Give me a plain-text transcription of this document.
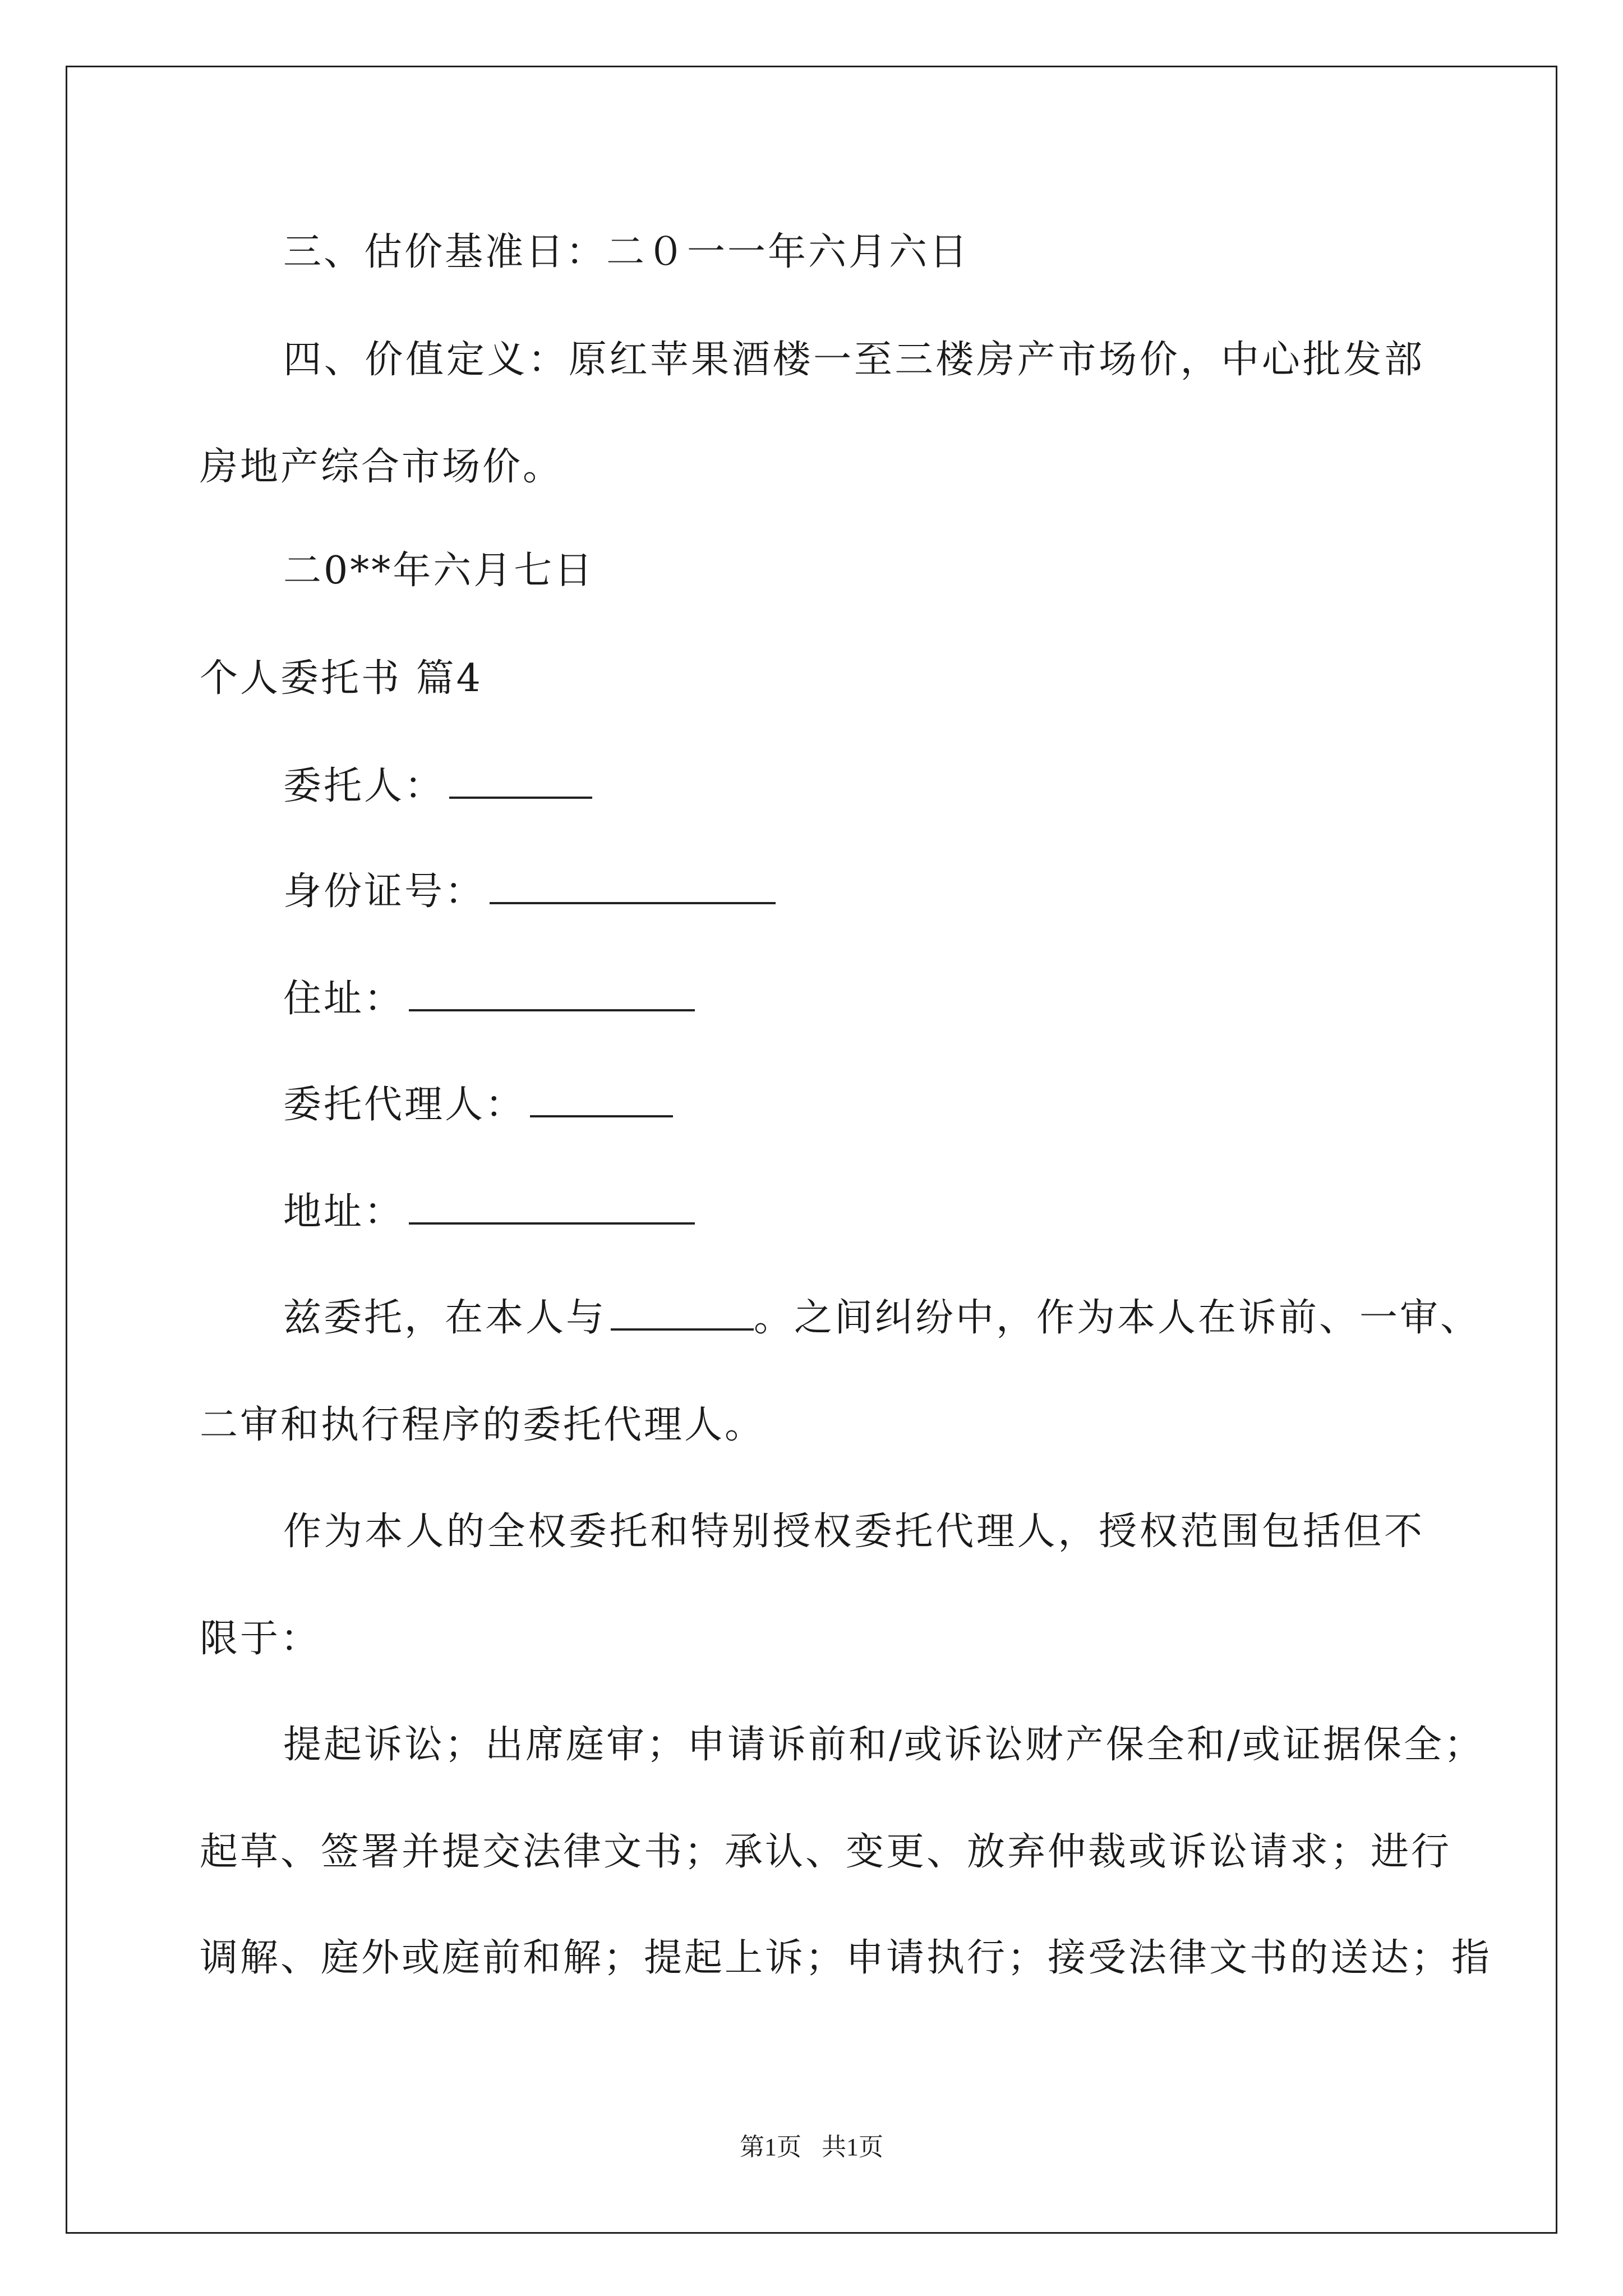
三、估价基准日：二０一一年六月六日
四、价值定义：原红苹果酒楼一至三楼房产市场价，中心批发部
房地产综合市场价。
二0**年六月七日
个人委托书 篇4
委托人：
身份证号：
住址：
委托代理人：
地址：
兹委托，在本人与	。之间纠纷中，作为本人在诉前、一审、
二审和执行程序的委托代理人。
作为本人的全权委托和特别授权委托代理人，授权范围包括但不
限于：
提起诉讼；出席庭审；申请诉前和/或诉讼财产保全和/或证据保全；
起草、签署并提交法律文书；承认、变更、放弃仲裁或诉讼请求；进行
调解、庭外或庭前和解；提起上诉；申请执行；接受法律文书的送达；指
第1页 共1页
